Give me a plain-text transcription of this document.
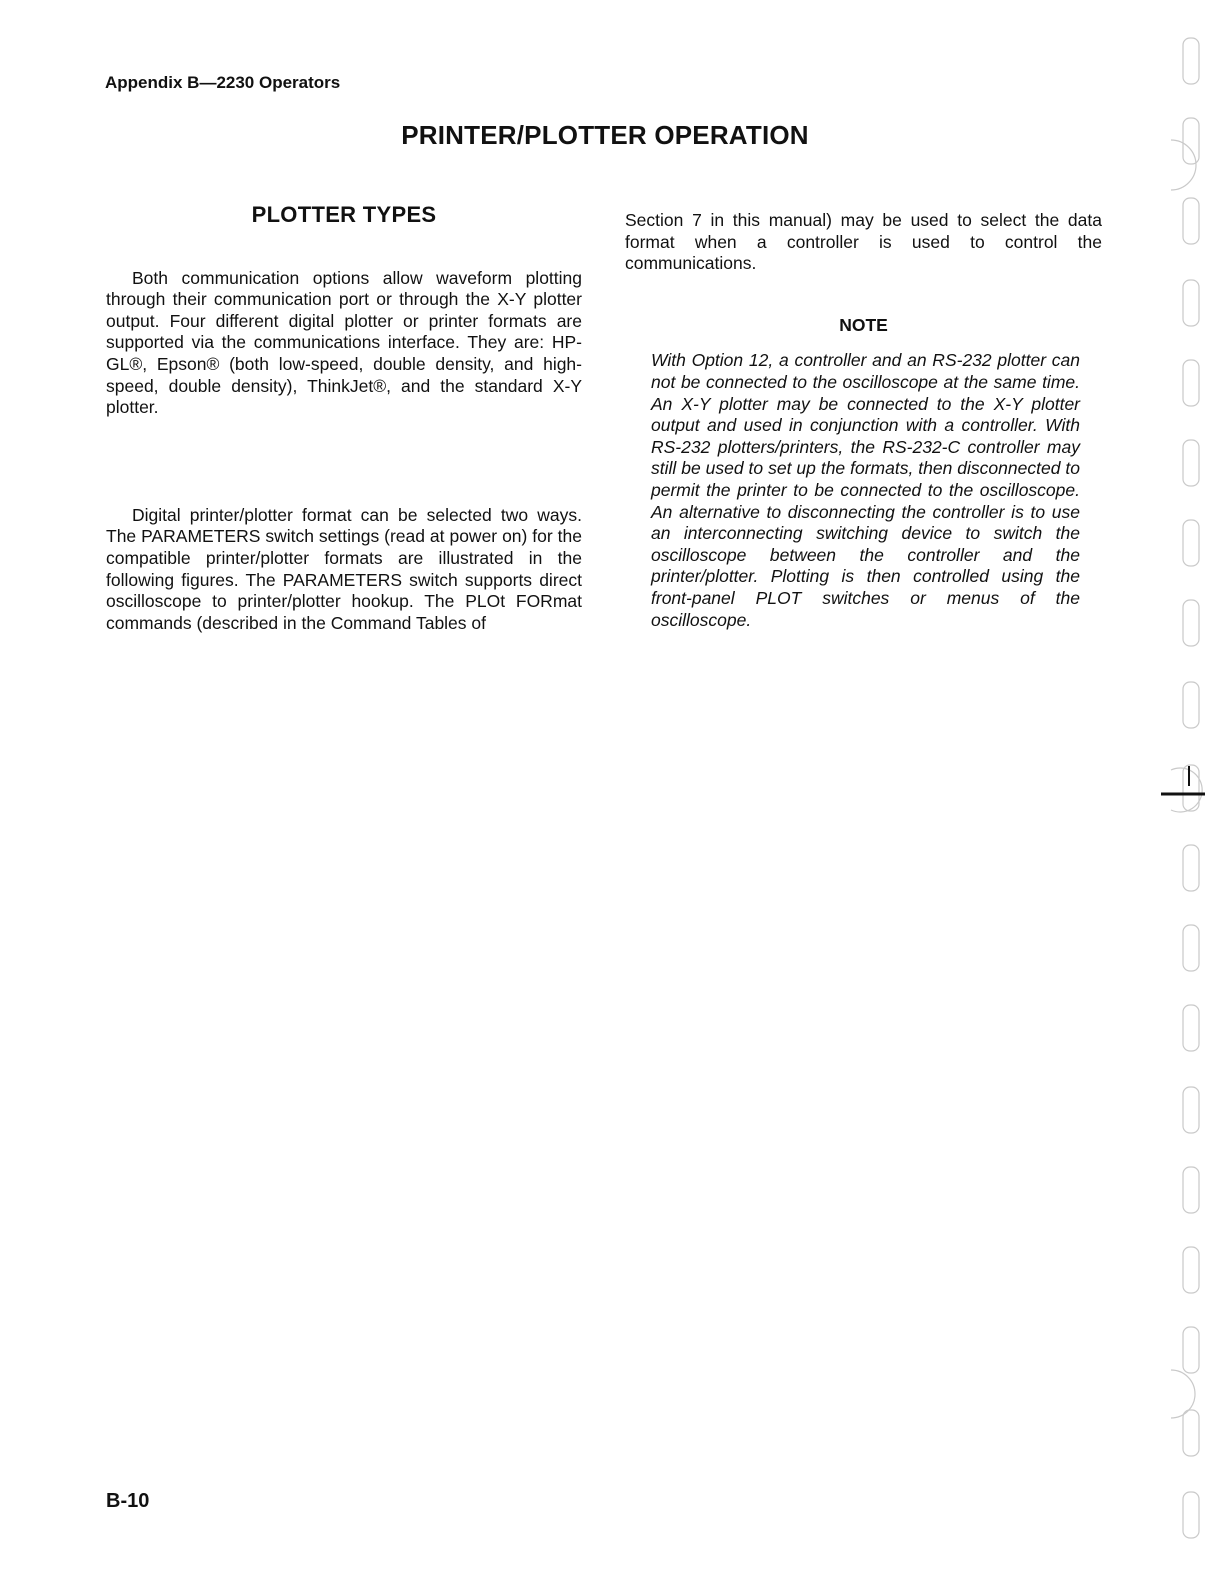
Appendix B—2230 Operators
PRINTER/PLOTTER OPERATION
PLOTTER TYPES

Both communication options allow waveform plotting through their communication port or through the X-Y plotter output. Four different digital plotter or printer formats are supported via the communications interface. They are: HP-GL®, Epson® (both low-speed, double density, and high-speed, double density), ThinkJet®, and the standard X-Y plotter.

Digital printer/plotter format can be selected two ways. The PARAMETERS switch settings (read at power on) for the compatible printer/plotter formats are illustrated in the following figures. The PARAMETERS switch supports direct oscilloscope to printer/plotter hookup. The PLOt FORmat commands (described in the Command Tables of

Section 7 in this manual) may be used to select the data format when a controller is used to control the communications.

NOTE

With Option 12, a controller and an RS-232 plotter can not be connected to the oscilloscope at the same time. An X-Y plotter may be connected to the X-Y plotter output and used in conjunction with a controller. With RS-232 plotters/printers, the RS-232-C controller may still be used to set up the formats, then disconnected to permit the printer to be connected to the oscilloscope. An alternative to disconnecting the controller is to use an interconnecting switching device to switch the oscilloscope between the controller and the printer/plotter. Plotting is then controlled using the front-panel PLOT switches or menus of the oscilloscope.

B-10
